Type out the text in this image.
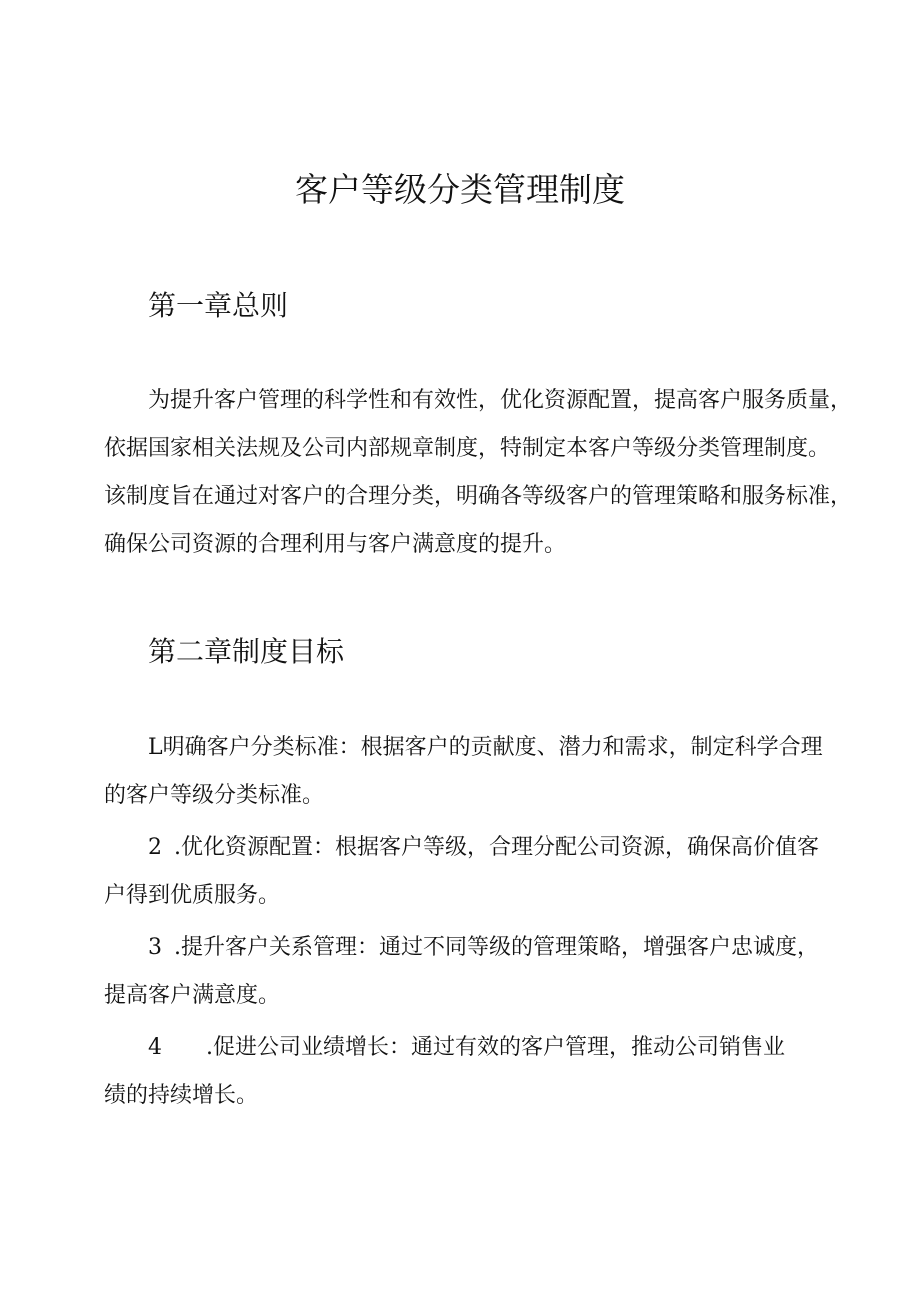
客户等级分类管理制度
第一章总则
为提升客户管理的科学性和有效性，优化资源配置，提高客户服务质量，
依据国家相关法规及公司内部规章制度，特制定本客户等级分类管理制度。
该制度旨在通过对客户的合理分类，明确各等级客户的管理策略和服务标准，
确保公司资源的合理利用与客户满意度的提升。
第二章制度目标
L明确客户分类标准：根据客户的贡献度、潜力和需求，制定科学合理
的客户等级分类标准。
2 .优化资源配置：根据客户等级，合理分配公司资源，确保高价值客
户得到优质服务。
3 .提升客户关系管理：通过不同等级的管理策略，增强客户忠诚度，
提高客户满意度。
4 .促进公司业绩增长：通过有效的客户管理，推动公司销售业
绩的持续增长。
